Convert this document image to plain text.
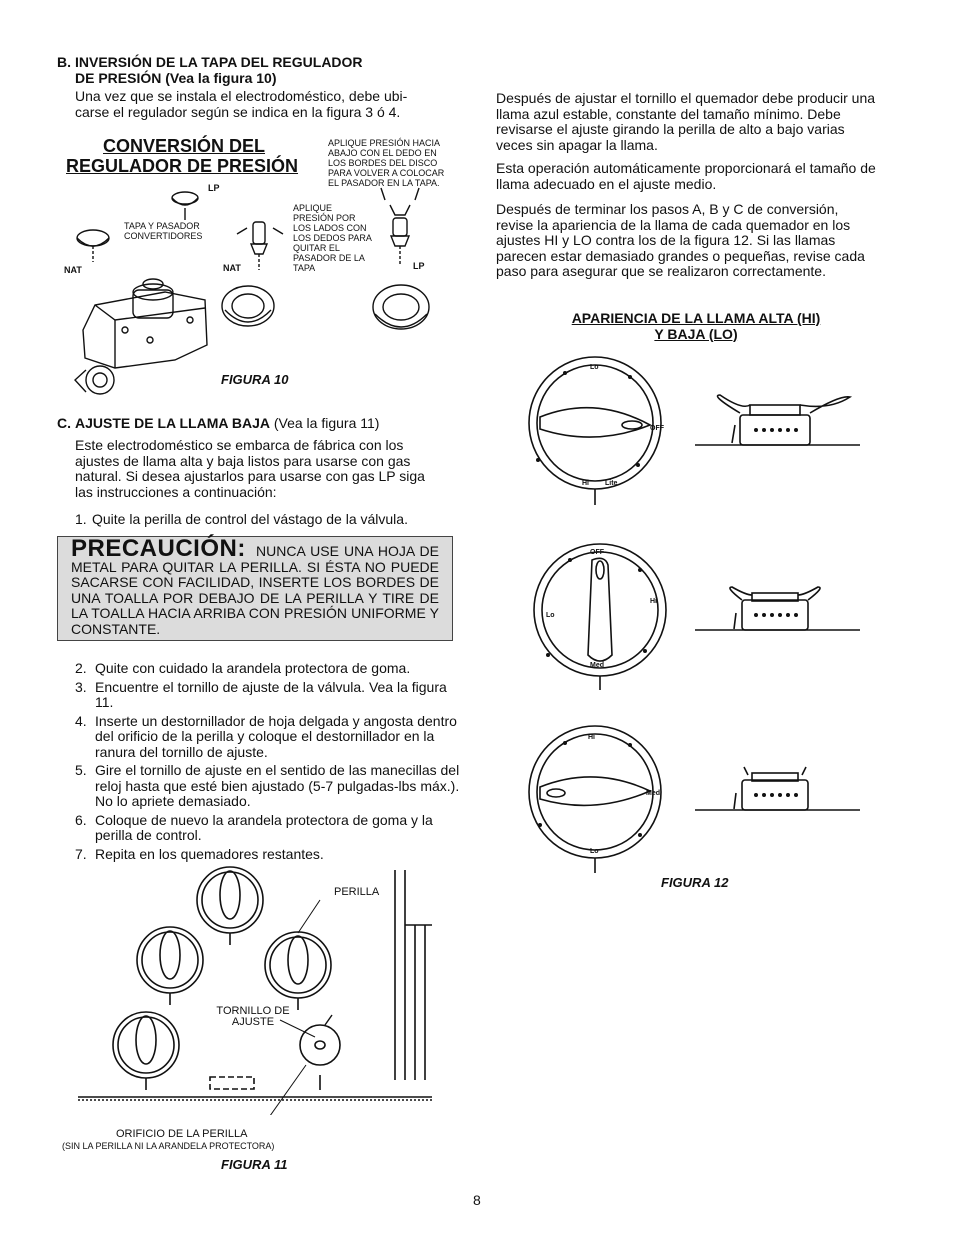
B. INVERSIÓN DE LA TAPA DEL REGULADOR
DE PRESIÓN (Vea la figura 10)
Una vez que se instala el electrodoméstico, debe ubi-
carse el regulador según se indica en la figura 3 ó 4.
CONVERSIÓN DEL
REGULADOR DE PRESIÓN
APLIQUE PRESIÓN HACIA
ABAJO CON EL DEDO EN
LOS BORDES DEL DISCO
PARA VOLVER A COLOCAR
EL PASADOR EN LA TAPA.
APLIQUE
PRESIÓN POR
LOS LADOS CON
LOS DEDOS PARA
QUITAR EL
PASADOR DE LA
TAPA
TAPA Y PASADOR
CONVERTIDORES
LP
NAT	NAT	LP
FIGURA 10
C. AJUSTE DE LA LLAMA BAJA (Vea la figura 11)
Este electrodoméstico se embarca de fábrica con los
ajustes de llama alta y baja listos para usarse con gas
natural. Si desea ajustarlos para usarse con gas LP siga
las instrucciones a continuación:
1. Quite la perilla de control del vástago de la válvula.
PRECAUCIÓN: NUNCA USE UNA HOJA DE METAL PARA QUITAR LA PERILLA. SI ÉSTA NO PUEDE SACARSE CON FACILIDAD, INSERTE LOS BORDES DE UNA TOALLA POR DEBAJO DE LA PERILLA Y TIRE DE LA TOALLA HACIA ARRIBA CON PRESIÓN UNIFORME Y CONSTANTE.
2. Quite con cuidado la arandela protectora de goma.
3. Encuentre el tornillo de ajuste de la válvula. Vea la figura 11.
4. Inserte un destornillador de hoja delgada y angosta dentro del orificio de la perilla y coloque el destornillador en la ranura del tornillo de ajuste.
5. Gire el tornillo de ajuste en el sentido de las manecillas del reloj hasta que esté bien ajustado (5-7 pulgadas-lbs máx.). No lo apriete demasiado.
6. Coloque de nuevo la arandela protectora de goma y la perilla de control.
7. Repita en los quemadores restantes.
PERILLA
TORNILLO DE
AJUSTE
ORIFICIO DE LA PERILLA
(SIN LA PERILLA NI LA ARANDELA PROTECTORA)
FIGURA 11
Después de ajustar el tornillo el quemador debe producir una
llama azul estable, constante del tamaño mínimo. Debe
revisarse el ajuste girando la perilla de alto a bajo varias
veces sin apagar la llama.
Esta operación automáticamente proporcionará el tamaño de
llama adecuado en el ajuste medio.
Después de terminar los pasos A, B y C de conversión,
revise la apariencia de la llama de cada quemador en los
ajustes HI y LO contra los de la figura 12. Si las llamas
parecen estar demasiado grandes o pequeñas, revise cada
paso para asegurar que se realizaron correctamente.
APARIENCIA DE LA LLAMA ALTA (HI)
Y BAJA (LO)
Lo
OFF
Lite
Hi
Med
OFF
Lo
Hi
Lo
Hi
Med
FIGURA 12
8
